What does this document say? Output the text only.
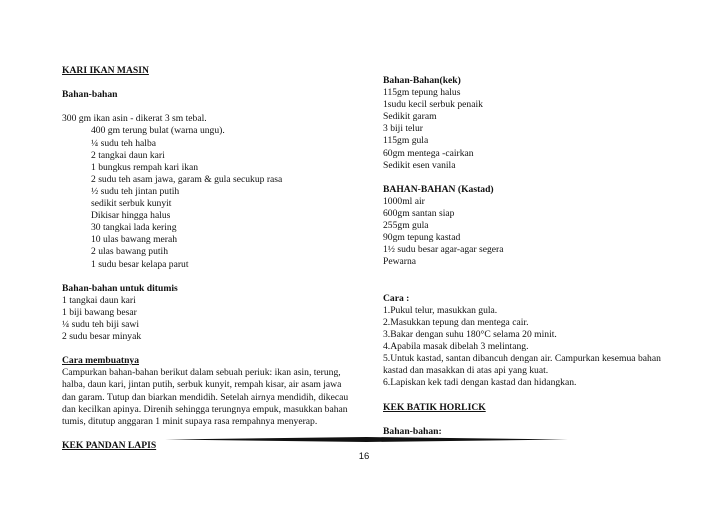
KARI IKAN MASIN
Bahan-bahan
300 gm ikan asin - dikerat 3 sm tebal.
400 gm terung bulat (warna ungu).
¼ sudu teh halba
2 tangkai daun kari
1 bungkus rempah kari ikan
2 sudu teh asam jawa, garam & gula secukup rasa
½ sudu teh jintan putih
sedikit serbuk kunyit
Dikisar hingga halus
30 tangkai lada kering
10 ulas bawang merah
2 ulas bawang putih
1 sudu besar kelapa parut
Bahan-bahan untuk ditumis
1 tangkai daun kari
1 biji bawang besar
¼ sudu teh biji sawi
2 sudu besar minyak
Cara membuatnya
Campurkan bahan-bahan berikut dalam sebuah periuk: ikan asin, terung,
halba, daun kari, jintan putih, serbuk kunyit, rempah kisar, air asam jawa
dan garam. Tutup dan biarkan mendidih. Setelah airnya mendidih, dikecau
dan kecilkan apinya. Direnih sehingga terungnya empuk, masukkan bahan
tumis, ditutup anggaran 1 minit supaya rasa rempahnya menyerap.
KEK PANDAN LAPIS
Bahan-Bahan(kek)
115gm tepung halus
1sudu kecil serbuk penaik
Sedikit garam
3 biji telur
115gm gula
60gm mentega -cairkan
Sedikit esen vanila
BAHAN-BAHAN (Kastad)
1000ml air
600gm santan siap
255gm gula
90gm tepung kastad
1½ sudu besar agar-agar segera
Pewarna
Cara :
1.Pukul telur, masukkan gula.
2.Masukkan tepung dan mentega cair.
3.Bakar dengan suhu 180°C selama 20 minit.
4.Apabila masak dibelah 3 melintang.
5.Untuk kastad, santan dibancuh dengan air. Campurkan kesemua bahan
kastad dan masakkan di atas api yang kuat.
6.Lapiskan kek tadi dengan kastad dan hidangkan.
KEK BATIK HORLICK
Bahan-bahan:
16
